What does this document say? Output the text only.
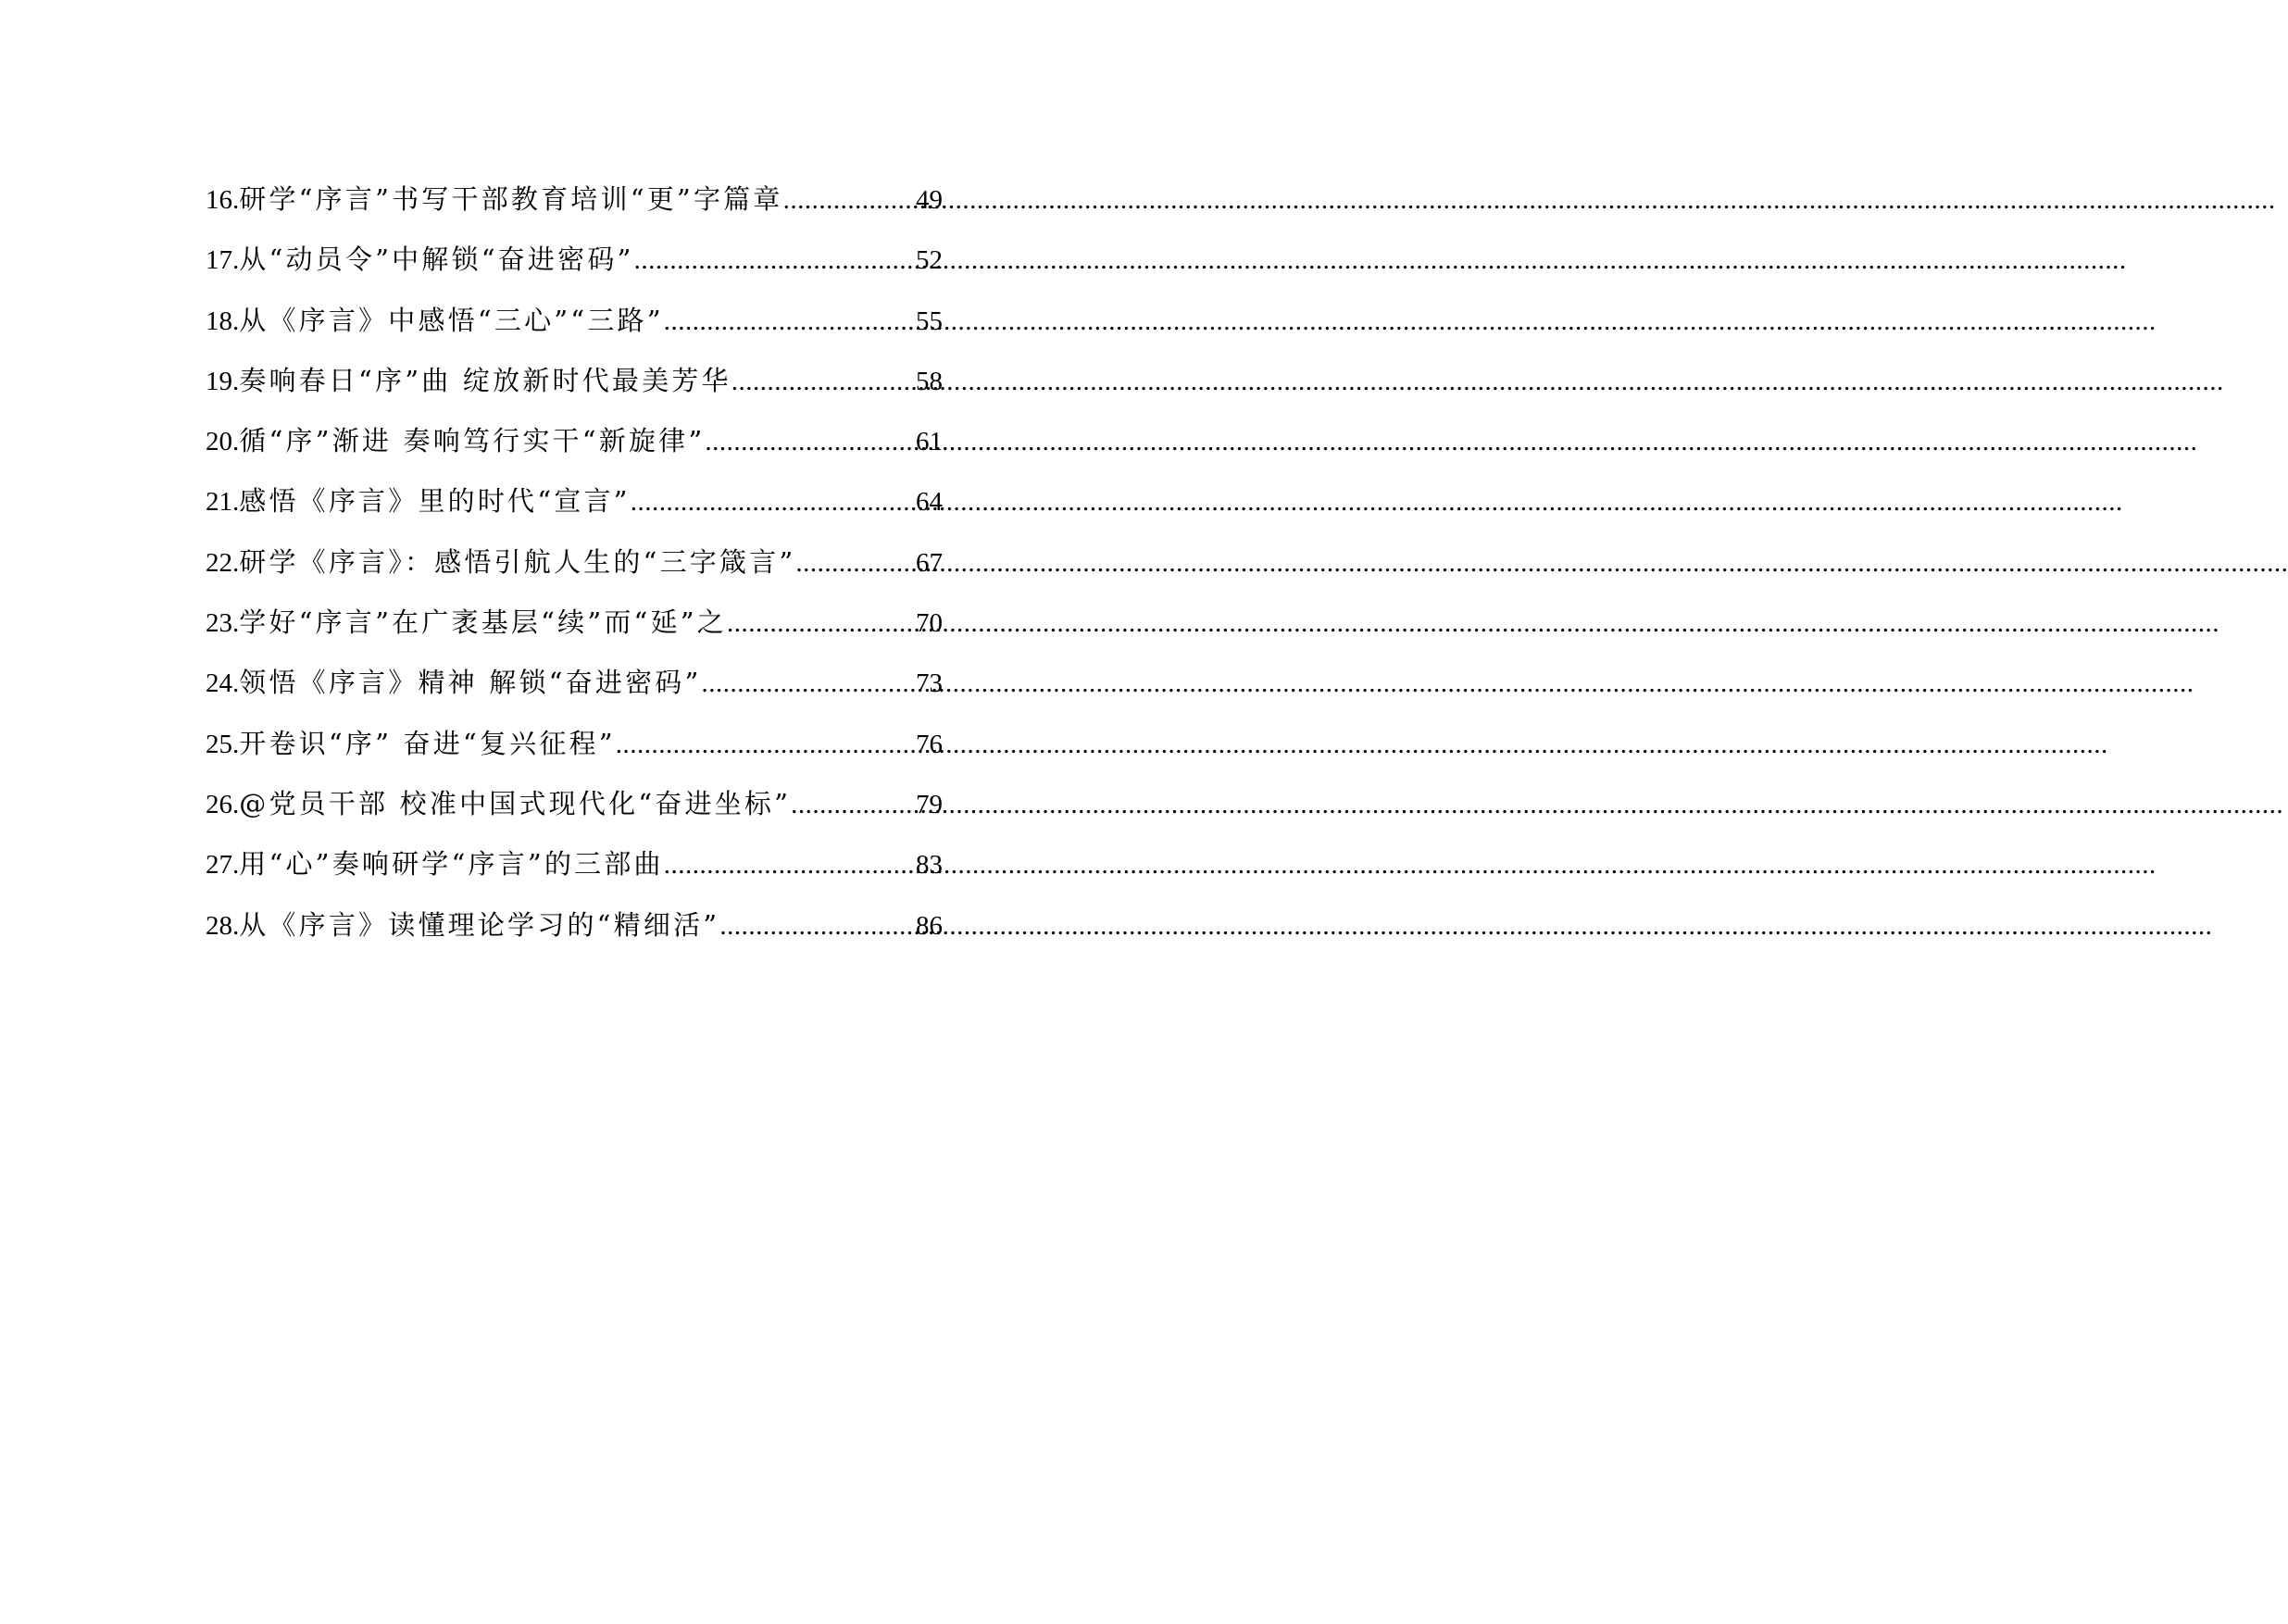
16. 研学“序言”书写干部教育培训“更”字篇章 .....	49
17. 从“动员令”中解锁“奋进密码” .....	52
18. 从《序言》中感悟“三心”“三路” .....	55
19. 奏响春日“序”曲 绽放新时代最美芳华 .....	58
20. 循“序”渐进 奏响笃行实干“新旋律” .....	61
21. 感悟《序言》里的时代“宣言” .....	64
22. 研学《序言》：感悟引航人生的“三字箴言” .....	67
23. 学好“序言”在广袤基层“续”而“延”之 .....	70
24. 领悟《序言》精神 解锁“奋进密码” .....	73
25. 开卷识“序” 奋进“复兴征程” .....	76
26. @党员干部 校准中国式现代化“奋进坐标” .....	79
27. 用“心”奏响研学“序言”的三部曲 .....	83
28. 从《序言》读懂理论学习的“精细活” .....	86
